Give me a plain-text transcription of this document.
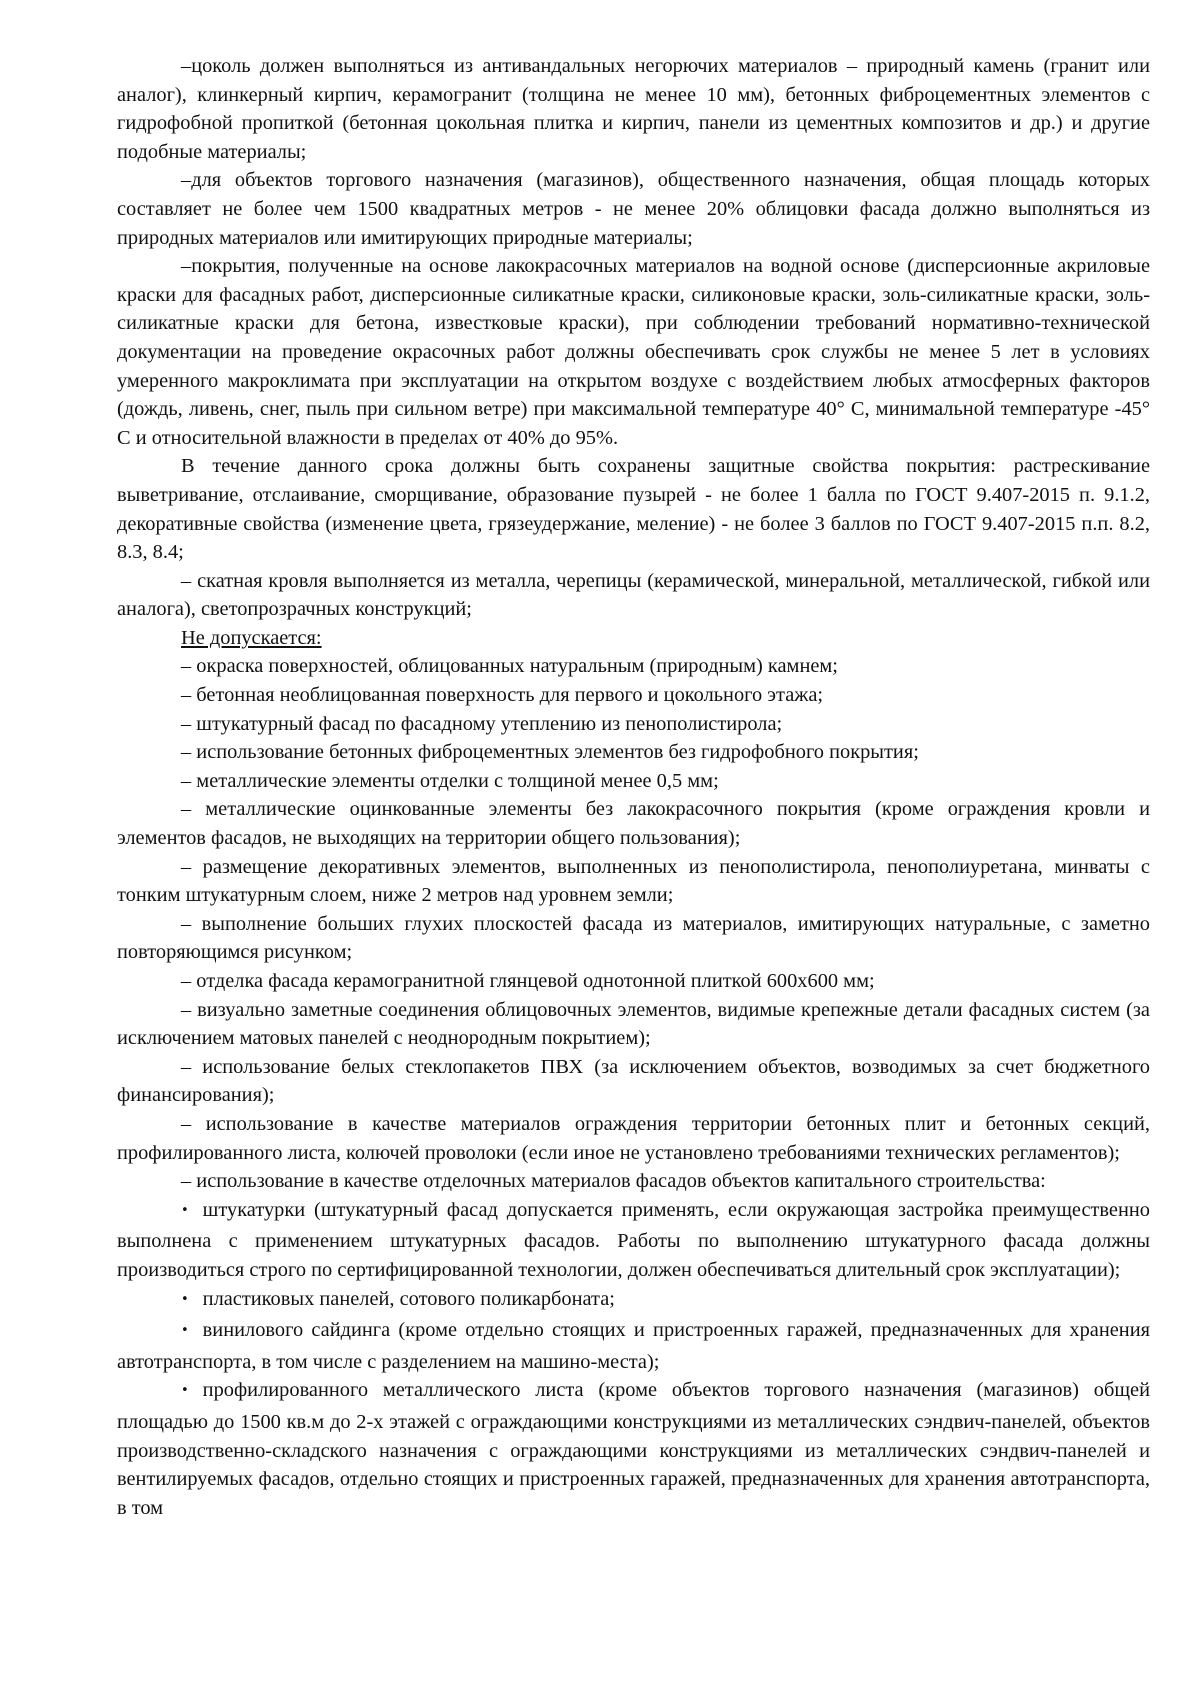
–цоколь должен выполняться из антивандальных негорючих материалов – природный камень (гранит или аналог), клинкерный кирпич, керамогранит (толщина не менее 10 мм), бетонных фиброцементных элементов с гидрофобной пропиткой (бетонная цокольная плитка и кирпич, панели из цементных композитов и др.) и другие подобные материалы;

–для объектов торгового назначения (магазинов), общественного назначения, общая площадь которых составляет не более чем 1500 квадратных метров - не менее 20% облицовки фасада должно выполняться из природных материалов или имитирующих природные материалы;

–покрытия, полученные на основе лакокрасочных материалов на водной основе (дисперсионные акриловые краски для фасадных работ, дисперсионные силикатные краски, силиконовые краски, золь-силикатные краски, золь-силикатные краски для бетона, известковые краски), при соблюдении требований нормативно-технической документации на проведение окрасочных работ должны обеспечивать срок службы не менее 5 лет в условиях умеренного макроклимата при эксплуатации на открытом воздухе с воздействием любых атмосферных факторов (дождь, ливень, снег, пыль при сильном ветре) при максимальной температуре 40° С, минимальной температуре -45° С и относительной влажности в пределах от 40% до 95%.

В течение данного срока должны быть сохранены защитные свойства покрытия: растрескивание выветривание, отслаивание, сморщивание, образование пузырей - не более 1 балла по ГОСТ 9.407-2015 п. 9.1.2, декоративные свойства (изменение цвета, грязеудержание, меление) - не более 3 баллов по ГОСТ 9.407-2015 п.п. 8.2, 8.3, 8.4;

– скатная кровля выполняется из металла, черепицы (керамической, минеральной, металлической, гибкой или аналога), светопрозрачных конструкций;

Не допускается:

– окраска поверхностей, облицованных натуральным (природным) камнем;

– бетонная необлицованная поверхность для первого и цокольного этажа;

– штукатурный фасад по фасадному утеплению из пенополистирола;

– использование бетонных фиброцементных элементов без гидрофобного покрытия;

– металлические элементы отделки с толщиной менее 0,5 мм;

– металлические оцинкованные элементы без лакокрасочного покрытия (кроме ограждения кровли и элементов фасадов, не выходящих на территории общего пользования);

– размещение декоративных элементов, выполненных из пенополистирола, пенополиуретана, минваты с тонким штукатурным слоем, ниже 2 метров над уровнем земли;

– выполнение больших глухих плоскостей фасада из материалов, имитирующих натуральные, с заметно повторяющимся рисунком;

– отделка фасада керамогранитной глянцевой однотонной плиткой 600х600 мм;

– визуально заметные соединения облицовочных элементов, видимые крепежные детали фасадных систем (за исключением матовых панелей с неоднородным покрытием);

– использование белых стеклопакетов ПВХ (за исключением объектов, возводимых за счет бюджетного финансирования);

– использование в качестве материалов ограждения территории бетонных плит и бетонных секций, профилированного листа, колючей проволоки (если иное не установлено требованиями технических регламентов);

– использование в качестве отделочных материалов фасадов объектов капитального строительства:

• штукатурки (штукатурный фасад допускается применять, если окружающая застройка преимущественно выполнена с применением штукатурных фасадов. Работы по выполнению штукатурного фасада должны производиться строго по сертифицированной технологии, должен обеспечиваться длительный срок эксплуатации);

• пластиковых панелей, сотового поликарбоната;

• винилового сайдинга (кроме отдельно стоящих и пристроенных гаражей, предназначенных для хранения автотранспорта, в том числе с разделением на машино-места);

• профилированного металлического листа (кроме объектов торгового назначения (магазинов) общей площадью до 1500 кв.м до 2-х этажей с ограждающими конструкциями из металлических сэндвич-панелей, объектов производственно-складского назначения с ограждающими конструкциями из металлических сэндвич-панелей и вентилируемых фасадов, отдельно стоящих и пристроенных гаражей, предназначенных для хранения автотранспорта, в том
